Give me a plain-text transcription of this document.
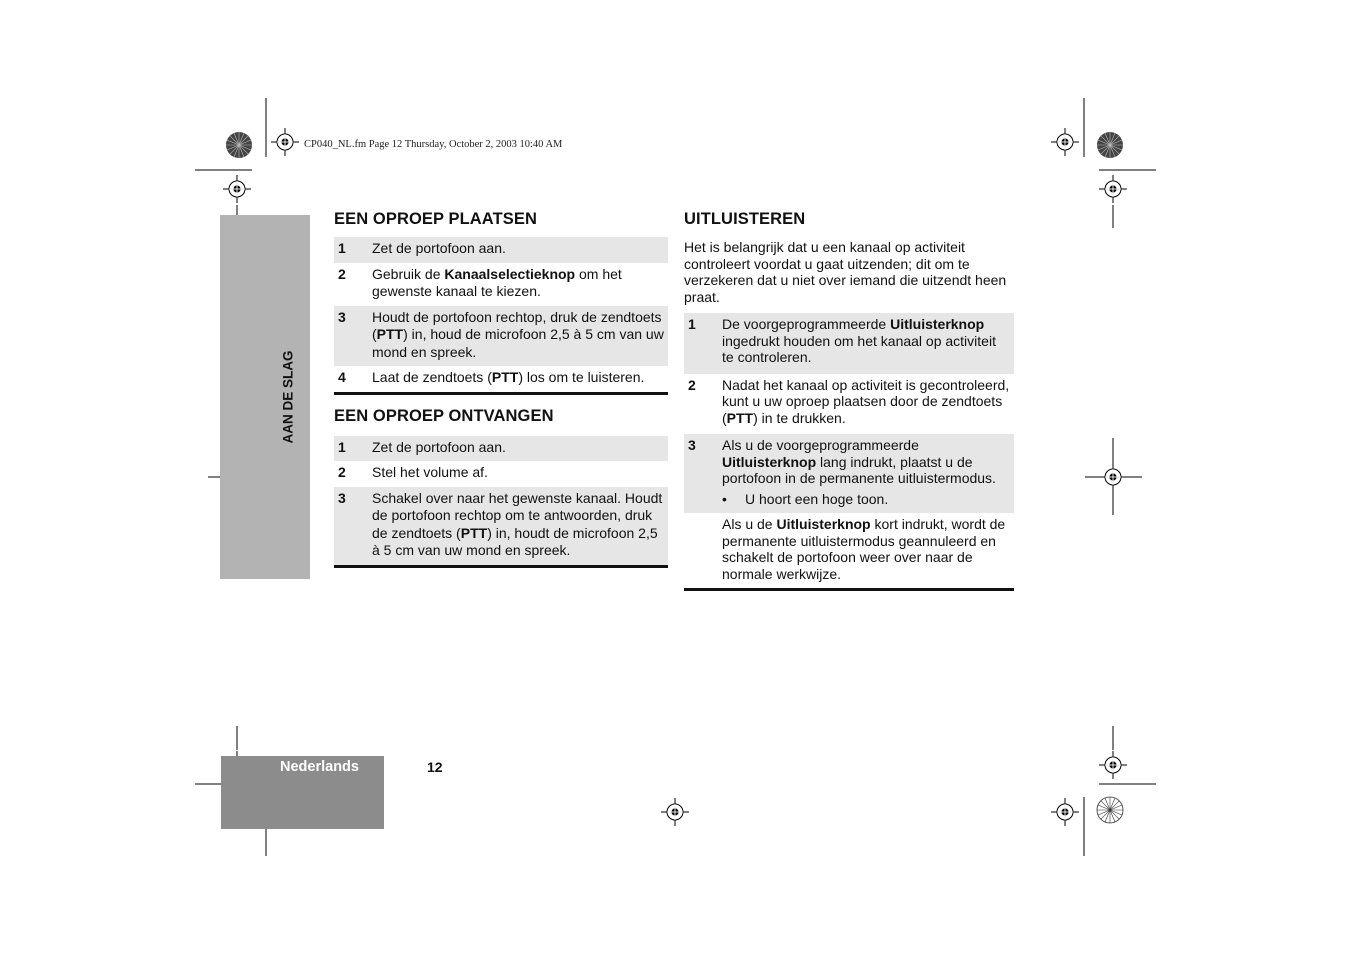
CP040_NL.fm Page 12 Thursday, October 2, 2003 10:40 AM
AAN DE SLAG
Nederlands	12
EEN OPROEP PLAATSEN
1	Zet de portofoon aan.
2	Gebruik de Kanaalselectieknop om het gewenste kanaal te kiezen.
3	Houdt de portofoon rechtop, druk de zendtoets (PTT) in, houd de microfoon 2,5 à 5 cm van uw mond en spreek.
4	Laat de zendtoets (PTT) los om te luisteren.
EEN OPROEP ONTVANGEN
1	Zet de portofoon aan.
2	Stel het volume af.
3	Schakel over naar het gewenste kanaal. Houdt de portofoon rechtop om te antwoorden, druk de zendtoets (PTT) in, houdt de microfoon 2,5 à 5 cm van uw mond en spreek.
UITLUISTEREN

Het is belangrijk dat u een kanaal op activiteit controleert voordat u gaat uitzenden; dit om te verzekeren dat u niet over iemand die uitzendt heen praat.

1	De voorgeprogrammeerde Uitluisterknop ingedrukt houden om het kanaal op activiteit te controleren.
2	Nadat het kanaal op activiteit is gecontroleerd, kunt u uw oproep plaatsen door de zendtoets (PTT) in te drukken.
3	Als u de voorgeprogrammeerde Uitluisterknop lang indrukt, plaatst u de portofoon in de permanente uitluistermodus.
• U hoort een hoge toon.

	Als u de Uitluisterknop kort indrukt, wordt de permanente uitluistermodus geannuleerd en schakelt de portofoon weer over naar de normale werkwijze.
